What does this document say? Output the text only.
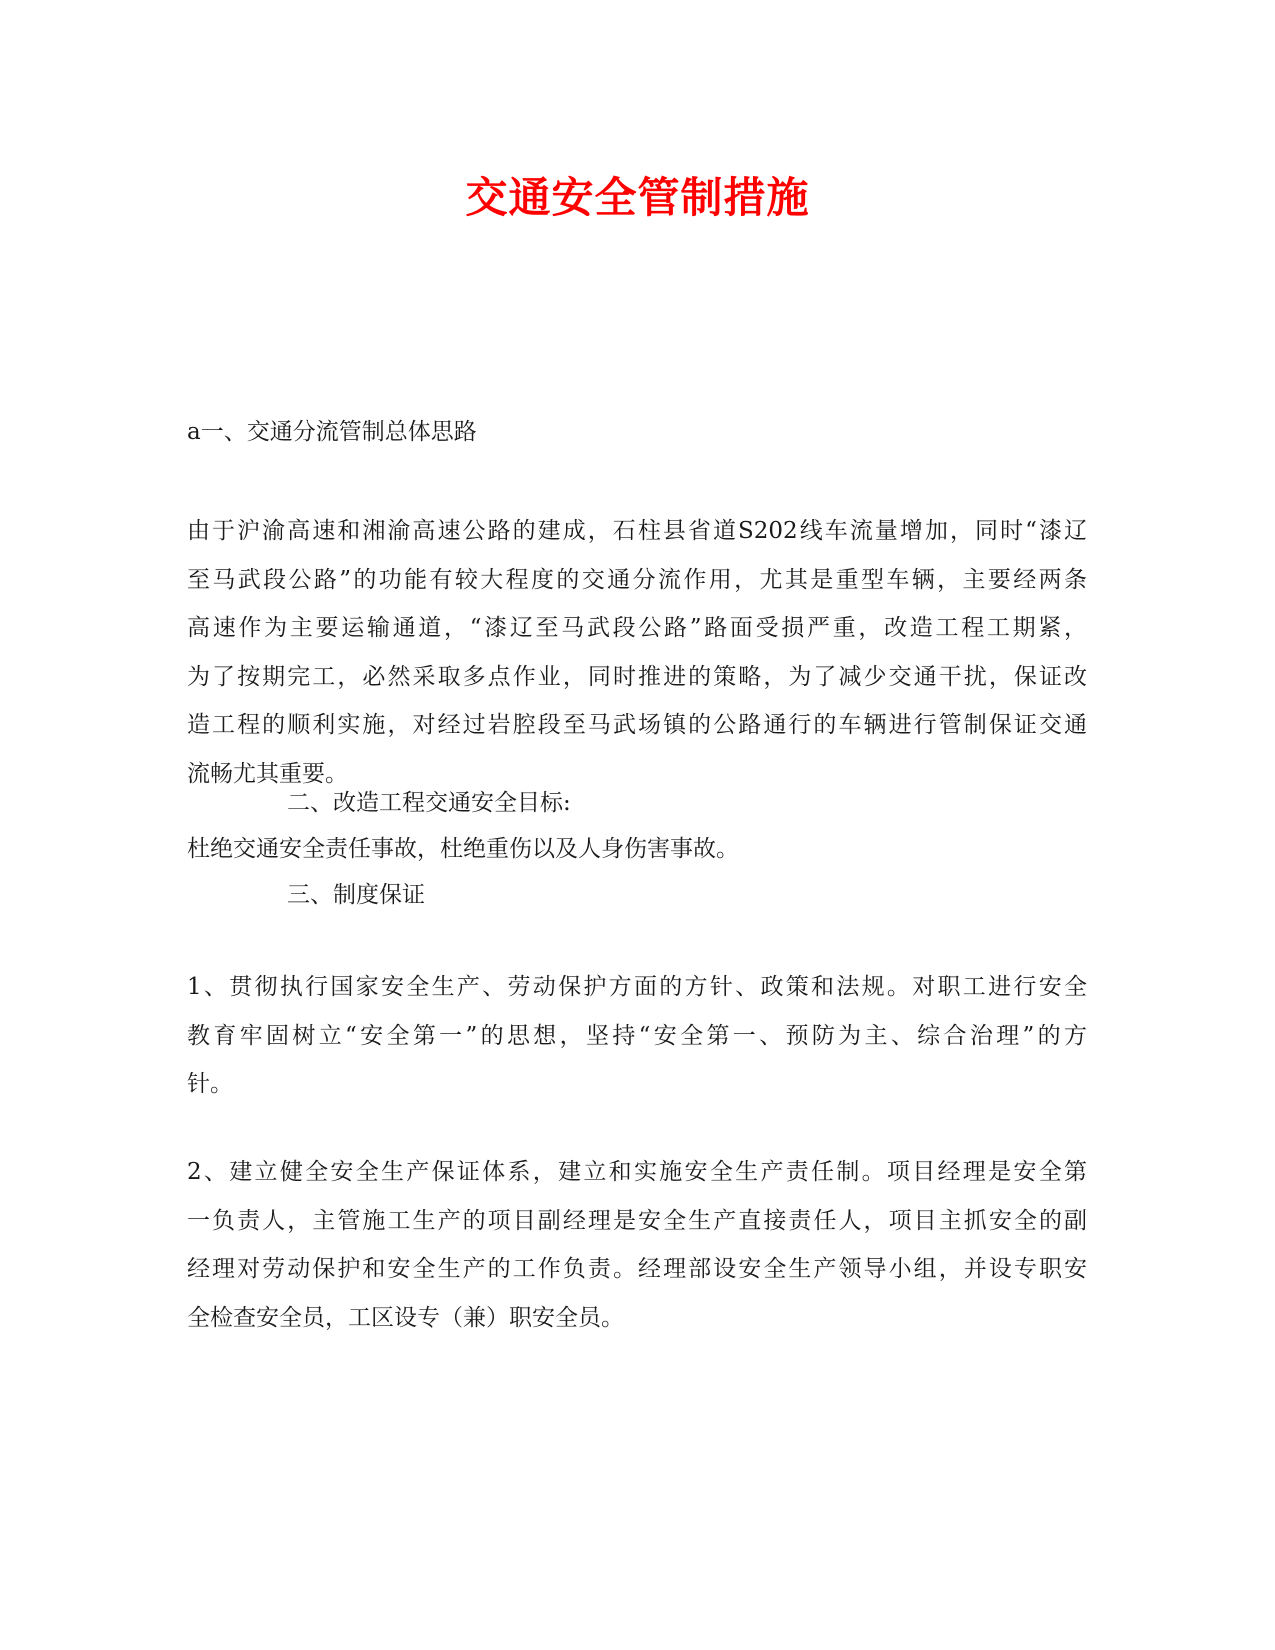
交通安全管制措施
a一、交通分流管制总体思路
由于沪渝高速和湘渝高速公路的建成，石柱县省道S202线车流量增加，同时“漆辽
至马武段公路”的功能有较大程度的交通分流作用，尤其是重型车辆，主要经两条
高速作为主要运输通道，“漆辽至马武段公路”路面受损严重，改造工程工期紧，
为了按期完工，必然采取多点作业，同时推进的策略，为了减少交通干扰，保证改
造工程的顺利实施，对经过岩腔段至马武场镇的公路通行的车辆进行管制保证交通
流畅尤其重要。
二、改造工程交通安全目标:
杜绝交通安全责任事故，杜绝重伤以及人身伤害事故。
三、制度保证
1、贯彻执行国家安全生产、劳动保护方面的方针、政策和法规。对职工进行安全
教育牢固树立“安全第一”的思想，坚持“安全第一、预防为主、综合治理”的方
针。
2、建立健全安全生产保证体系，建立和实施安全生产责任制。项目经理是安全第
一负责人，主管施工生产的项目副经理是安全生产直接责任人，项目主抓安全的副
经理对劳动保护和安全生产的工作负责。经理部设安全生产领导小组，并设专职安
全检查安全员，工区设专（兼）职安全员。
